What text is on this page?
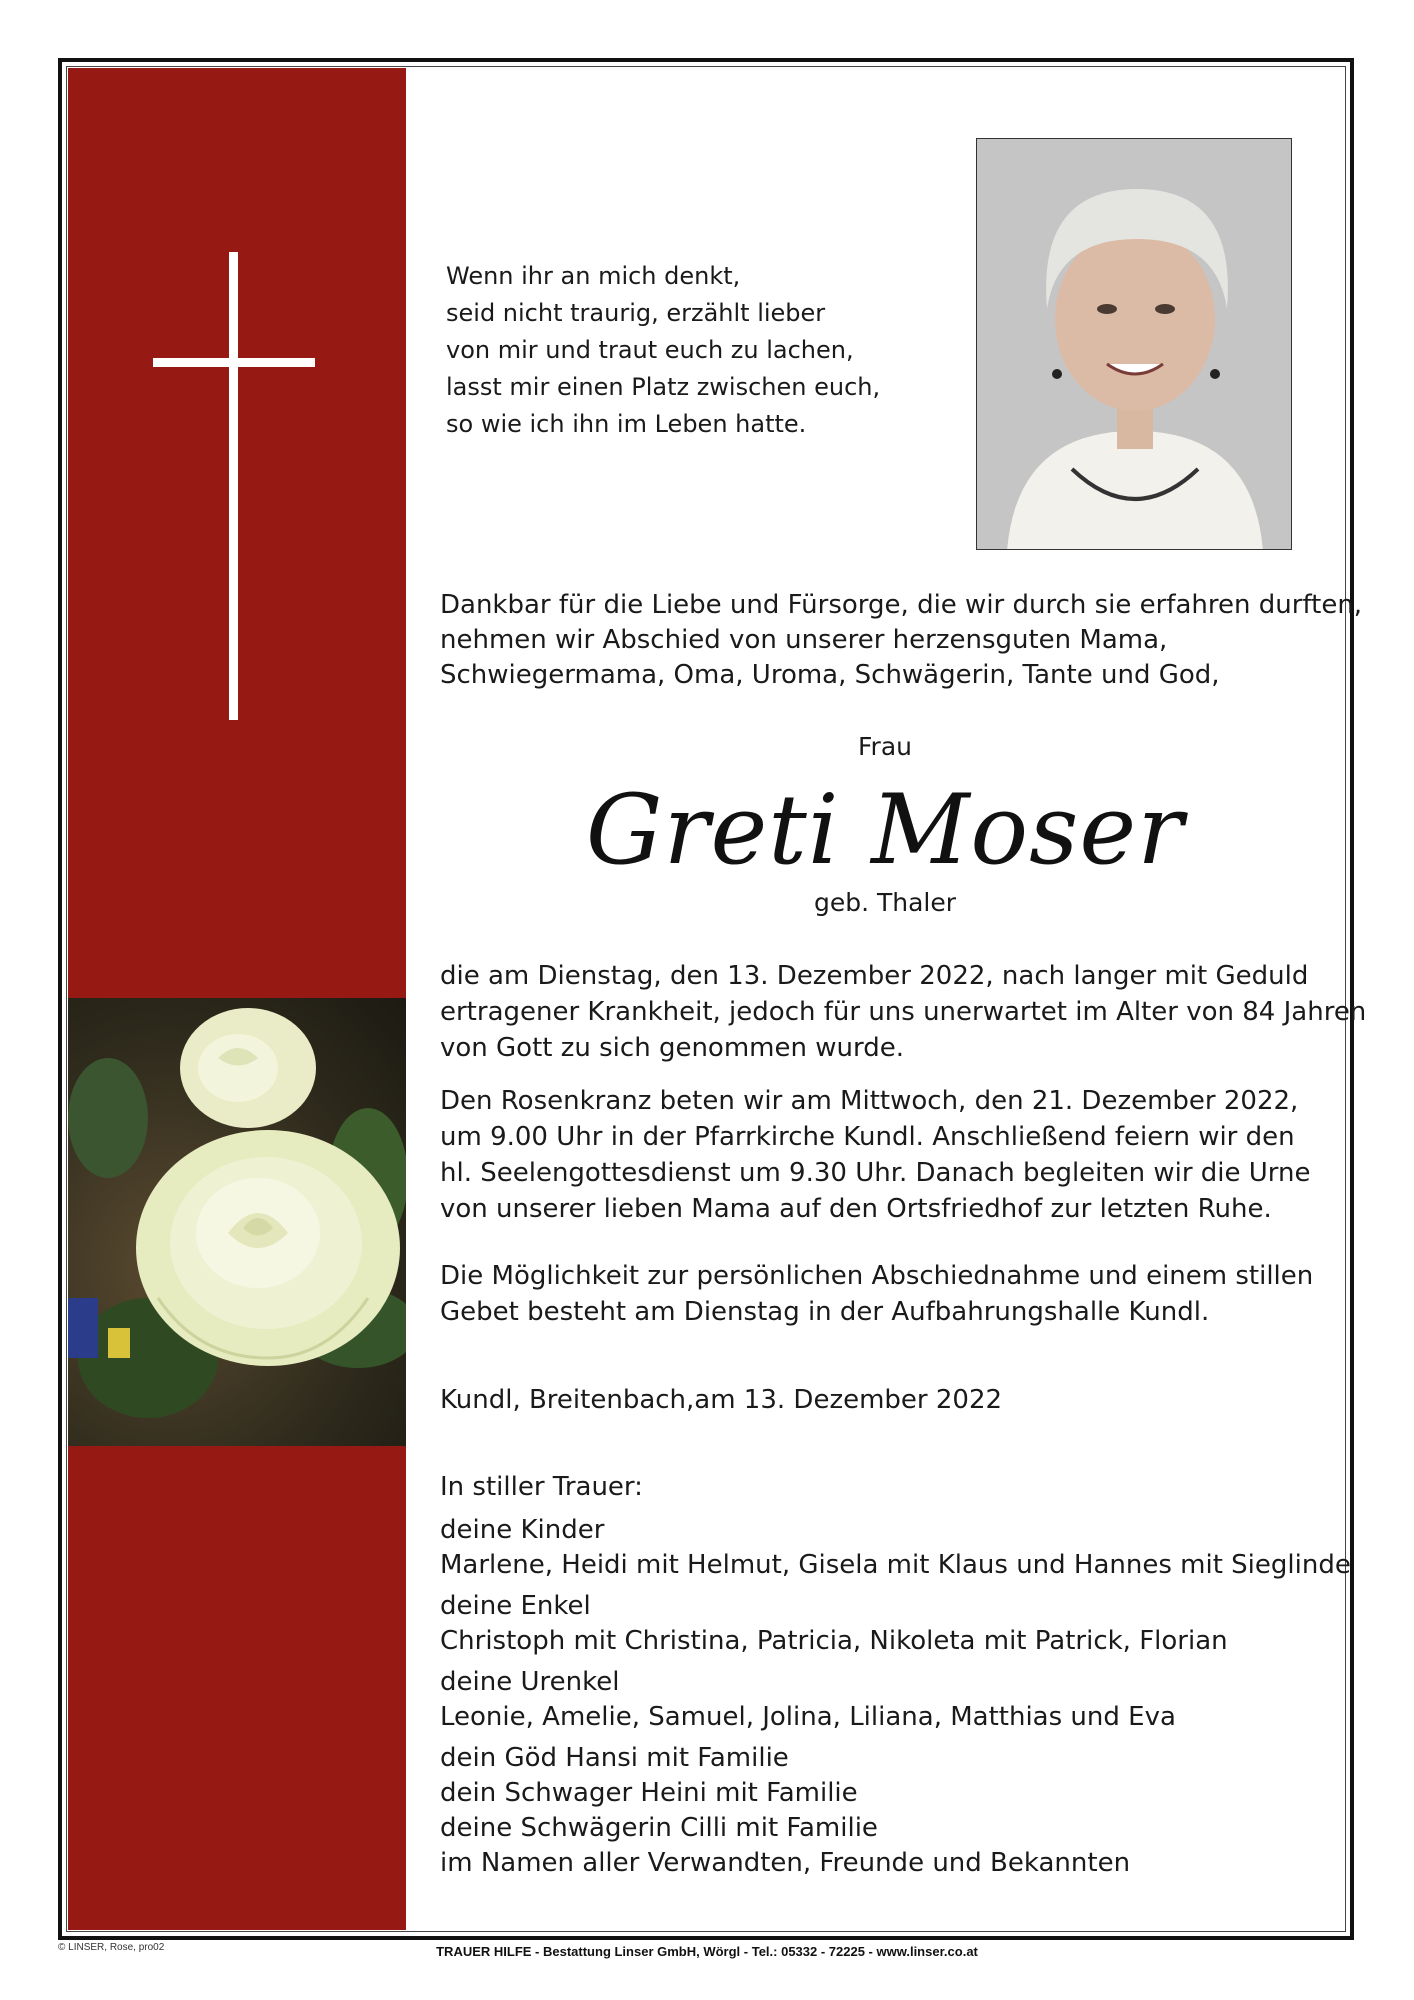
Wenn ihr an mich denkt,
seid nicht traurig, erzählt lieber
von mir und traut euch zu lachen,
lasst mir einen Platz zwischen euch,
so wie ich ihn im Leben hatte.
Dankbar für die Liebe und Fürsorge, die wir durch sie erfahren durften,
nehmen wir Abschied von unserer herzensguten Mama,
Schwiegermama, Oma, Uroma, Schwägerin, Tante und God,
Frau
Greti Moser
geb. Thaler
die am Dienstag, den 13. Dezember 2022, nach langer mit Geduld
ertragener Krankheit, jedoch für uns unerwartet im Alter von 84 Jahren
von Gott zu sich genommen wurde.
Den Rosenkranz beten wir am Mittwoch, den 21. Dezember 2022,
um 9.00 Uhr in der Pfarrkirche Kundl. Anschließend feiern wir den
hl. Seelengottesdienst um 9.30 Uhr. Danach begleiten wir die Urne
von unserer lieben Mama auf den Ortsfriedhof zur letzten Ruhe.
Die Möglichkeit zur persönlichen Abschiednahme und einem stillen
Gebet besteht am Dienstag in der Aufbahrungshalle Kundl.
Kundl, Breitenbach,am 13. Dezember 2022
In stiller Trauer:
deine Kinder
Marlene, Heidi mit Helmut, Gisela mit Klaus und Hannes mit Sieglinde
deine Enkel
Christoph mit Christina, Patricia, Nikoleta mit Patrick, Florian
deine Urenkel
Leonie, Amelie, Samuel, Jolina, Liliana, Matthias und Eva
dein Göd Hansi mit Familie
dein Schwager Heini mit Familie
deine Schwägerin Cilli mit Familie
im Namen aller Verwandten, Freunde und Bekannten
© LINSER, Rose, pro02	TRAUER HILFE - Bestattung Linser GmbH, Wörgl - Tel.: 05332 - 72225 - www.linser.co.at
